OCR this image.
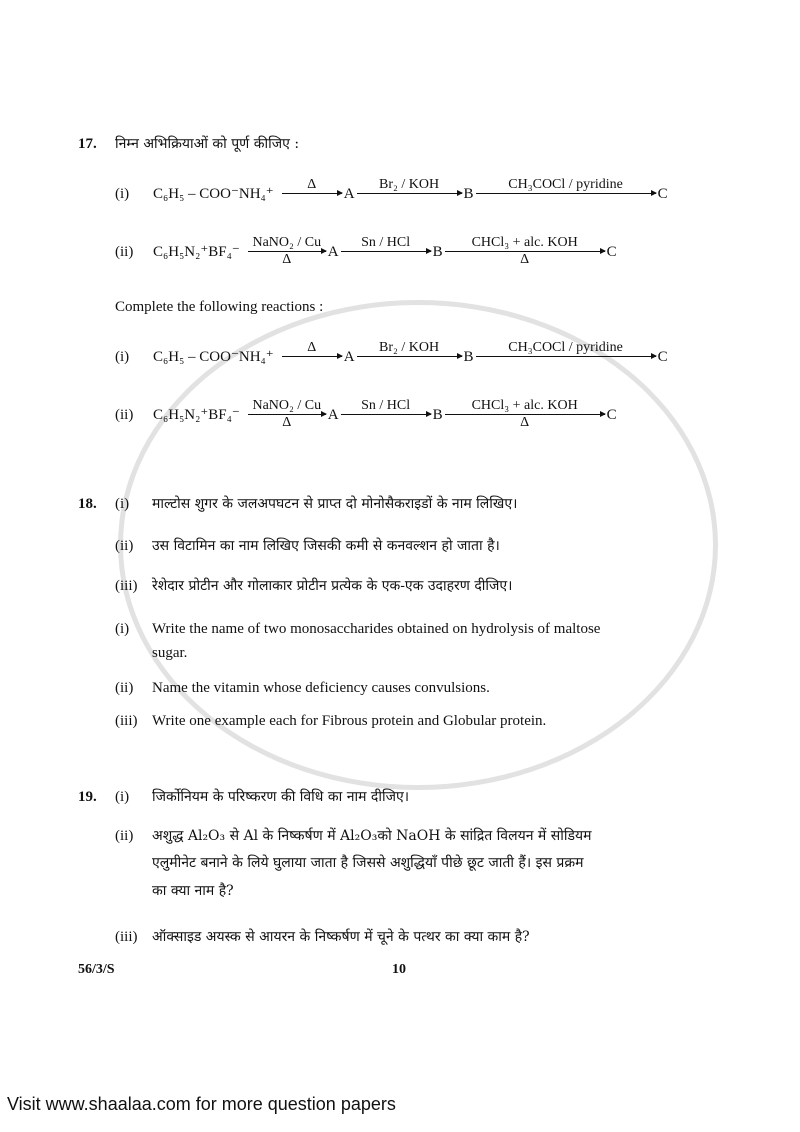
17. निम्न अभिक्रियाओं को पूर्ण कीजिए :
(i)	C₆H₅ – COO⁻NH₄⁺
Δ
A
Br₂ / KOH
B
CH₃COCl / pyridine
C
(ii)	C₆H₅N₂⁺BF₄⁻
NaNO₂ / Cu
Δ A
Sn / HCl
B
CHCl₃ + alc. KOH
Δ	C
Complete the following reactions :
(i)	C₆H₅ – COO⁻NH₄⁺
Δ
A
Br₂ / KOH
B
CH₃COCl / pyridine
C
(ii)	C₆H₅N₂⁺BF₄⁻
NaNO₂ / Cu
Δ A
Sn / HCl
B
CHCl₃ + alc. KOH
Δ	C
18. (i) माल्टोस शुगर के जलअपघटन से प्राप्त दो मोनोसैकराइडों के नाम लिखिए।
(ii) उस विटामिन का नाम लिखिए जिसकी कमी से कनवल्शन हो जाता है।
(iii) रेशेदार प्रोटीन और गोलाकार प्रोटीन प्रत्येक के एक-एक उदाहरण दीजिए।
(i) Write the name of two monosaccharides obtained on hydrolysis of maltose
sugar.
(ii) Name the vitamin whose deficiency causes convulsions.
(iii) Write one example each for Fibrous protein and Globular protein.
19. (i) जिर्कोनियम के परिष्करण की विधि का नाम दीजिए।
(ii) अशुद्ध Al₂O₃ से Al के निष्कर्षण में Al₂O₃को NaOH के सांद्रित विलयन में सोडियम
एलुमीनेट बनाने के लिये घुलाया जाता है जिससे अशुद्धियाँ पीछे छूट जाती हैं। इस प्रक्रम
का क्या नाम है?
(iii) ऑक्साइड अयस्क से आयरन के निष्कर्षण में चूने के पत्थर का क्या काम है?
56/3/S	10
Visit www.shaalaa.com for more question papers
